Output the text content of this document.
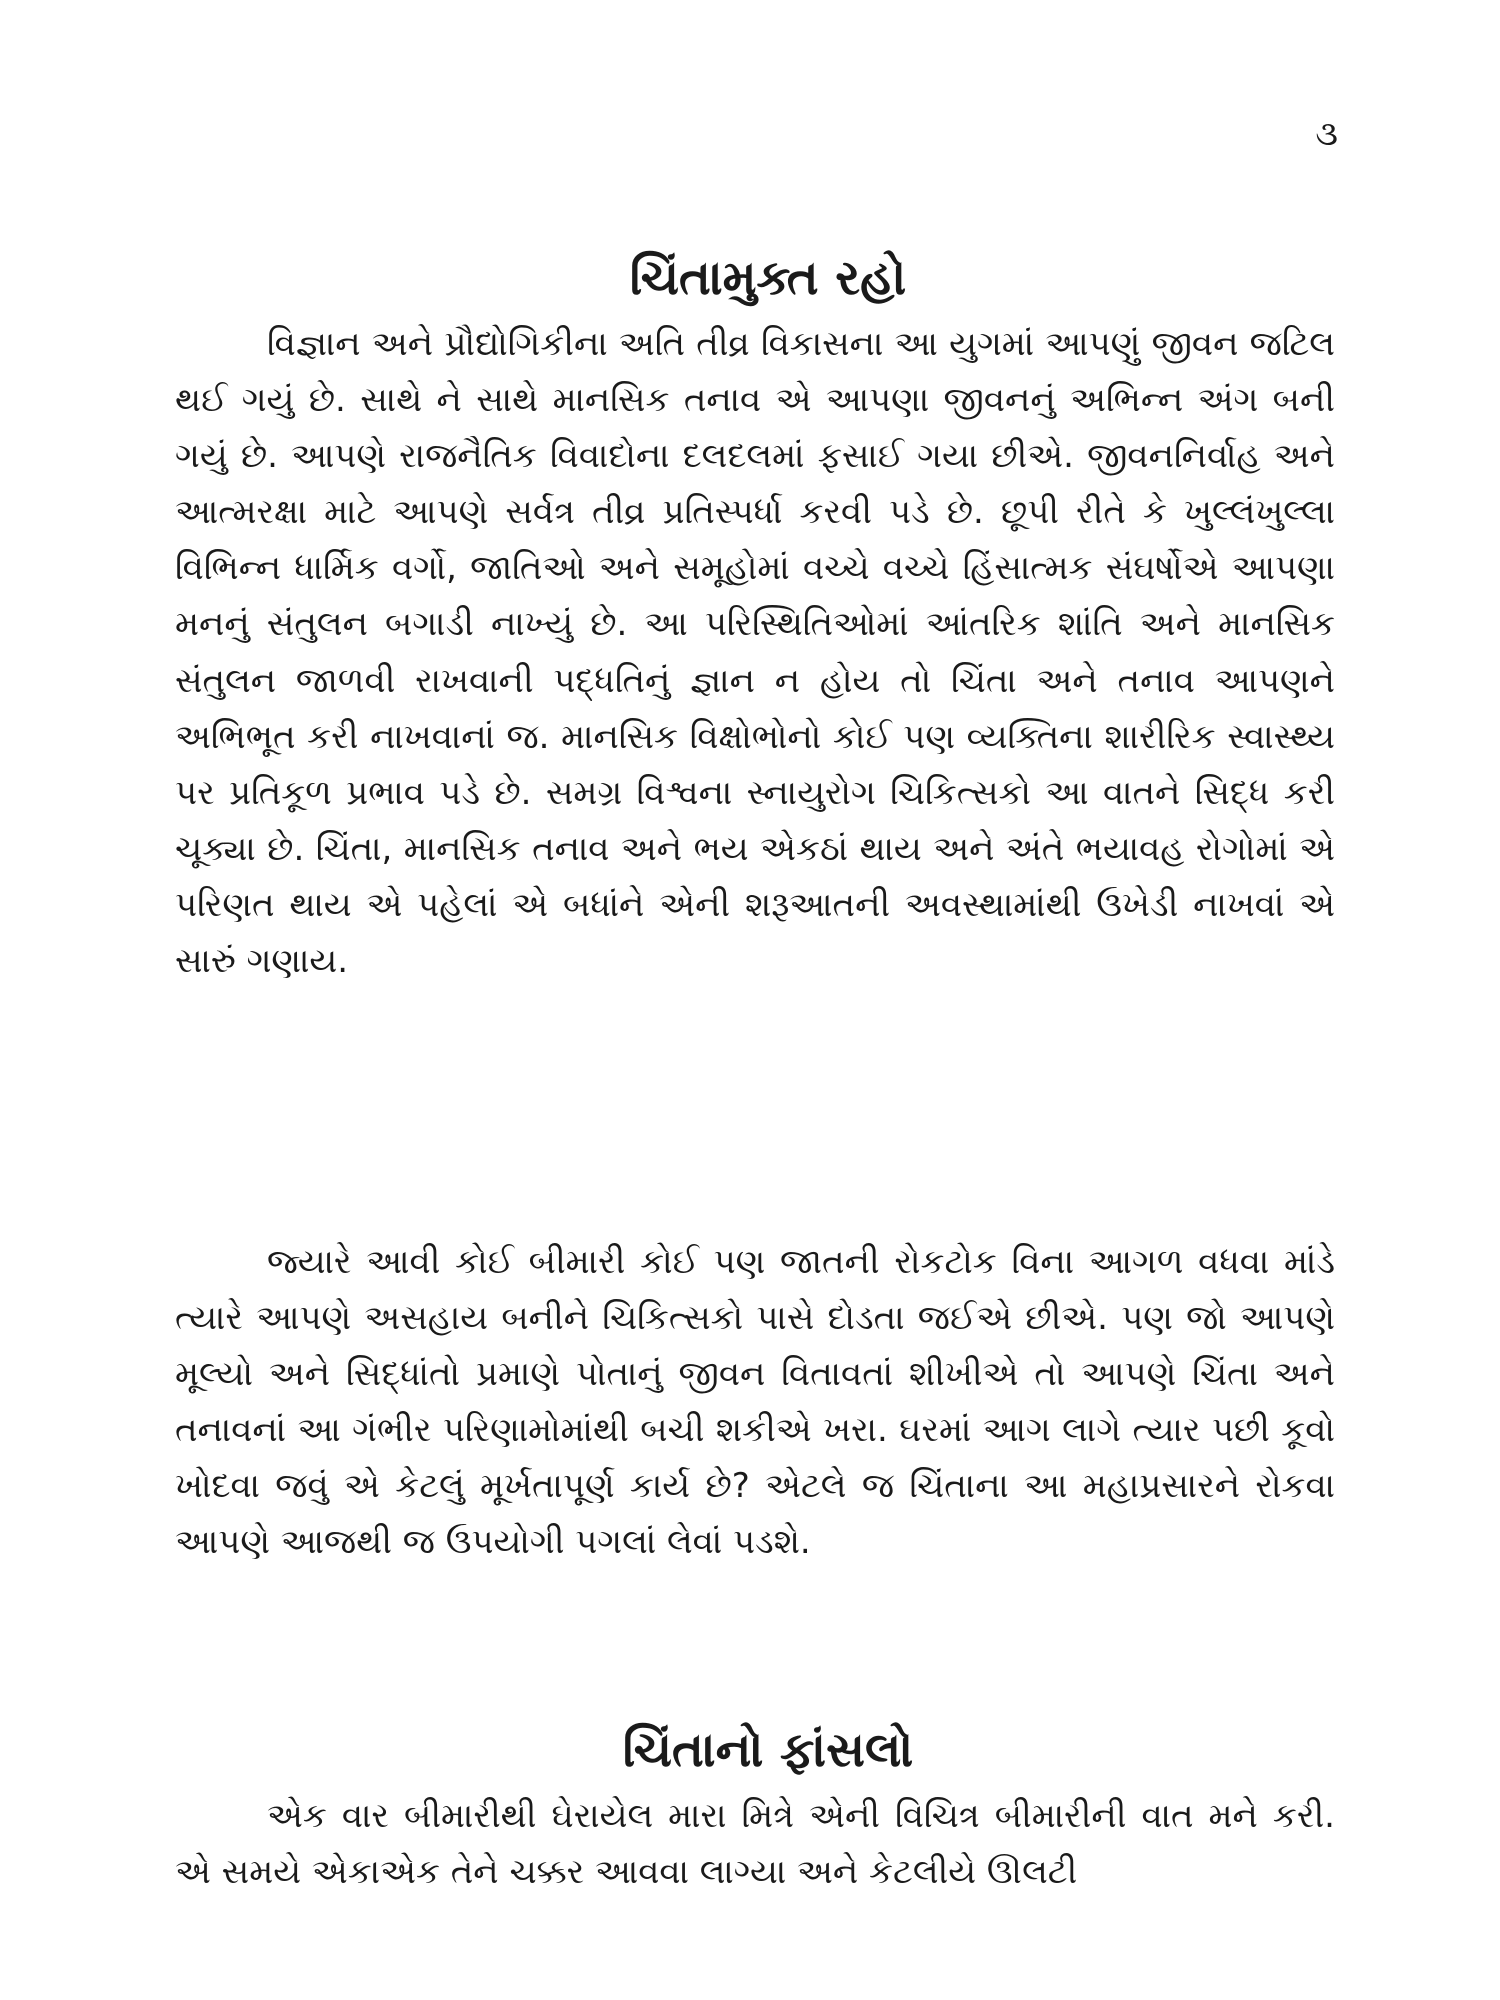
૩
ચિંતામુક્ત રહો

વિજ્ઞાન અને પ્રૌદ્યોગિકીના અતિ તીવ્ર વિકાસના આ યુગમાં આપણું જીવન જટિલ થઈ ગયું છે. સાથે ને સાથે માનસિક તનાવ એ આપણા જીવનનું અભિન્ન અંગ બની ગયું છે. આપણે રાજનૈતિક વિવાદોના દલદલમાં ફસાઈ ગયા છીએ. જીવનનિર્વાહ અને આત્મરક્ષા માટે આપણે સર્વત્ર તીવ્ર પ્રતિસ્પર્ધા કરવી પડે છે. છૂપી રીતે કે ખુલ્લંખુલ્લા વિભિન્ન ધાર્મિક વર્ગો, જાતિઓ અને સમૂહોમાં વચ્ચે વચ્ચે હિંસાત્મક સંઘર્ષોએ આપણા મનનું સંતુલન બગાડી નાખ્યું છે. આ પરિસ્થિતિઓમાં આંતરિક શાંતિ અને માનસિક સંતુલન જાળવી રાખવાની પદ્ધતિનું જ્ઞાન ન હોય તો ચિંતા અને તનાવ આપણને અભિભૂત કરી નાખવાનાં જ. માનસિક વિક્ષોભોનો કોઈ પણ વ્યક્તિના શારીરિક સ્વાસ્થ્ય પર પ્રતિકૂળ પ્રભાવ પડે છે. સમગ્ર વિશ્વના સ્નાયુરોગ ચિકિત્સકો આ વાતને સિદ્ધ કરી ચૂક્યા છે. ચિંતા, માનસિક તનાવ અને ભય એકઠાં થાય અને અંતે ભયાવહ રોગોમાં એ પરિણત થાય એ પહેલાં એ બધાંને એની શરૂઆતની અવસ્થામાંથી ઉખેડી નાખવાં એ સારું ગણાય.

જ્યારે આવી કોઈ બીમારી કોઈ પણ જાતની રોકટોક વિના આગળ વધવા માંડે ત્યારે આપણે અસહાય બનીને ચિકિત્સકો પાસે દોડતા જઈએ છીએ. પણ જો આપણે મૂલ્યો અને સિદ્ધાંતો પ્રમાણે પોતાનું જીવન વિતાવતાં શીખીએ તો આપણે ચિંતા અને તનાવનાં આ ગંભીર પરિણામોમાંથી બચી શકીએ ખરા. ઘરમાં આગ લાગે ત્યાર પછી કૂવો ખોદવા જવું એ કેટલું મૂર્ખતાપૂર્ણ કાર્ય છે? એટલે જ ચિંતાના આ મહાપ્રસારને રોકવા આપણે આજથી જ ઉપયોગી પગલાં લેવાં પડશે.

ચિંતાનો ફાંસલો

એક વાર બીમારીથી ઘેરાયેલ મારા મિત્રે એની વિચિત્ર બીમારીની વાત મને કરી. એ સમયે એકાએક તેને ચક્કર આવવા લાગ્યા અને કેટલીયે ઊલટી
